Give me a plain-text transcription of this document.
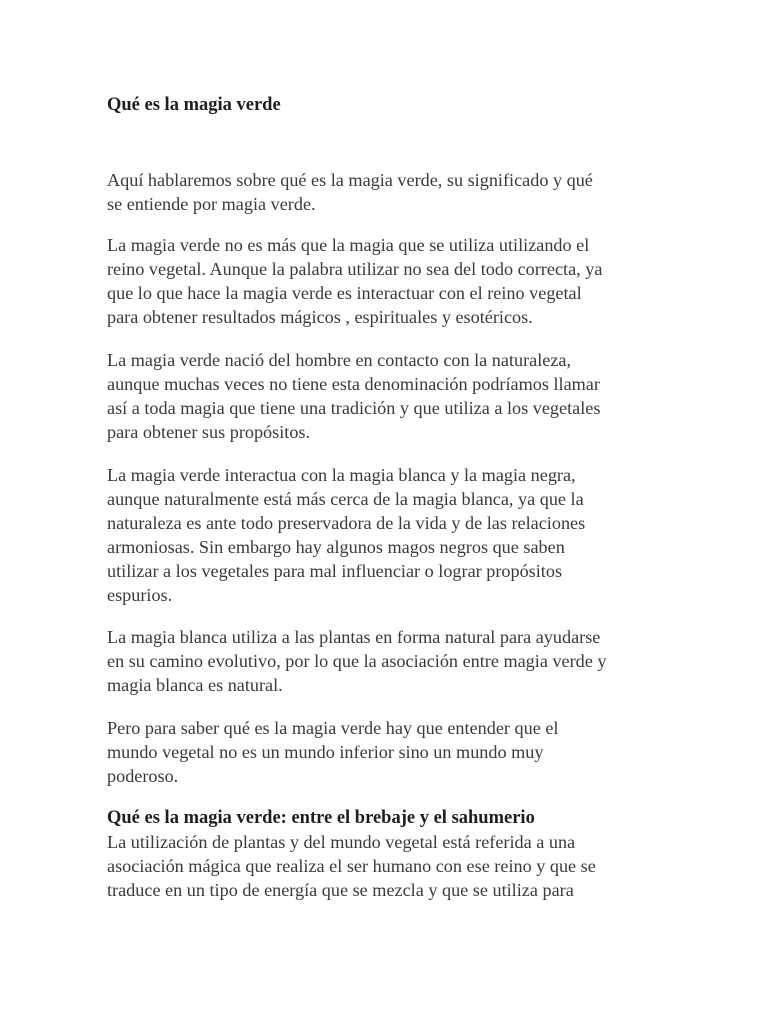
Qué es la magia verde

Aquí hablaremos sobre qué es la magia verde, su significado y qué
se entiende por magia verde.

La magia verde no es más que la magia que se utiliza utilizando el
reino vegetal. Aunque la palabra utilizar no sea del todo correcta, ya
que lo que hace la magia verde es interactuar con el reino vegetal
para obtener resultados mágicos , espirituales y esotéricos.

La magia verde nació del hombre en contacto con la naturaleza,
aunque muchas veces no tiene esta denominación podríamos llamar
así a toda magia que tiene una tradición y que utiliza a los vegetales
para obtener sus propósitos.

La magia verde interactua con la magia blanca y la magia negra,
aunque naturalmente está más cerca de la magia blanca, ya que la
naturaleza es ante todo preservadora de la vida y de las relaciones
armoniosas. Sin embargo hay algunos magos negros que saben
utilizar a los vegetales para mal influenciar o lograr propósitos
espurios.

La magia blanca utiliza a las plantas en forma natural para ayudarse
en su camino evolutivo, por lo que la asociación entre magia verde y
magia blanca es natural.

Pero para saber qué es la magia verde hay que entender que el
mundo vegetal no es un mundo inferior sino un mundo muy
poderoso.

Qué es la magia verde: entre el brebaje y el sahumerio

La utilización de plantas y del mundo vegetal está referida a una
asociación mágica que realiza el ser humano con ese reino y que se
traduce en un tipo de energía que se mezcla y que se utiliza para
